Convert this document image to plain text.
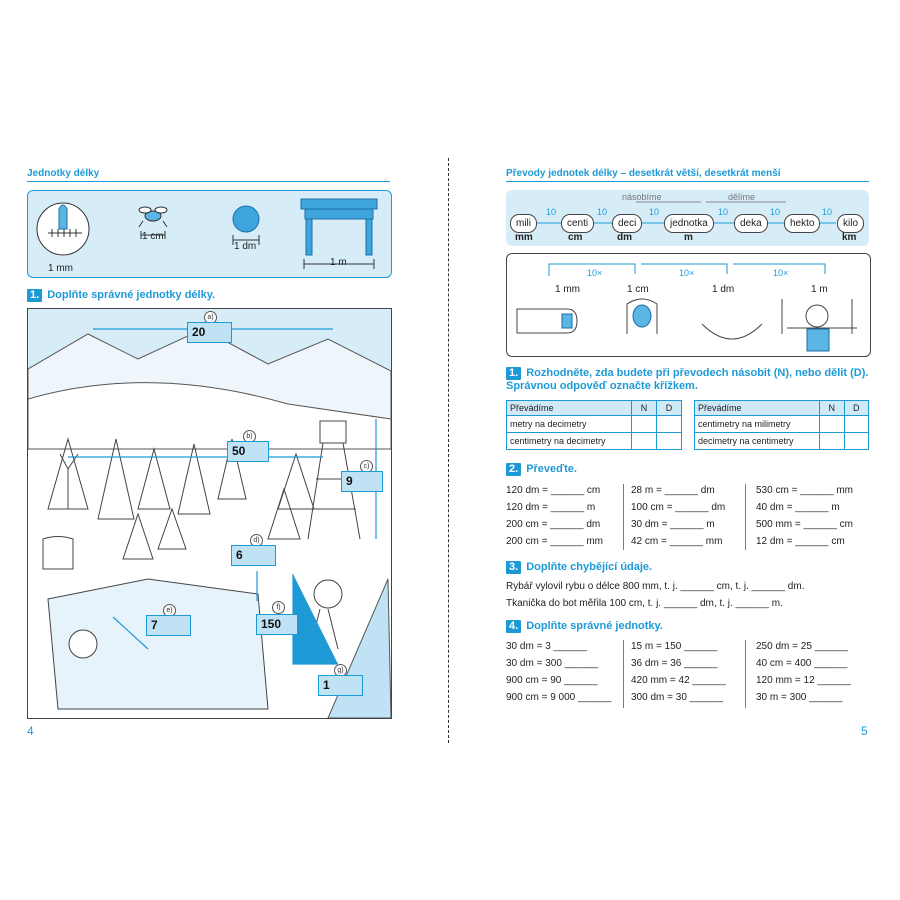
Jednotky délky
1 mm
1 cm
1 dm
1 m
1. Doplňte správné jednotky délky.
a)
20
b)
50
c)
9
d)
6
e)
7
f)
150
g)
1
4
Převody jednotek délky – desetkrát větší, desetkrát menší
násobíme	dělíme
mili	centi	deci	jednotka	deka	hekto	kilo
10	10	10	10	10	10
mm	cm	dm	m	km
10×	10×	10×
1 mm	1 cm	1 dm	1 m
1. Rozhodněte, zda budete při převodech násobit (N), nebo dělit (D). Správnou odpověď označte křížkem.
Převádíme	N	D
metry na decimetry		
centimetry na decimetry		
Převádíme	N	D
centimetry na milimetry		
decimetry na centimetry		
2. Převeďte.
120 dm = ______ cm
120 dm = ______ m
200 cm = ______ dm
200 cm = ______ mm
28 m = ______ dm
100 cm = ______ dm
30 dm = ______ m
42 cm = ______ mm
530 cm = ______ mm
40 dm = ______ m
500 mm = ______ cm
12 dm = ______ cm
3. Doplňte chybějící údaje.
Rybář vylovil rybu o délce 800 mm, t. j. ______ cm, t. j. ______ dm.
Tkanička do bot měřila 100 cm, t. j. ______ dm, t. j. ______ m.
4. Doplňte správné jednotky.
30 dm = 3 ______
30 dm = 300 ______
900 cm = 90 ______
900 cm = 9 000 ______
15 m = 150 ______
36 dm = 36 ______
420 mm = 42 ______
300 dm = 30 ______
250 dm = 25 ______
40 cm = 400 ______
120 mm = 12 ______
30 m = 300 ______
5
